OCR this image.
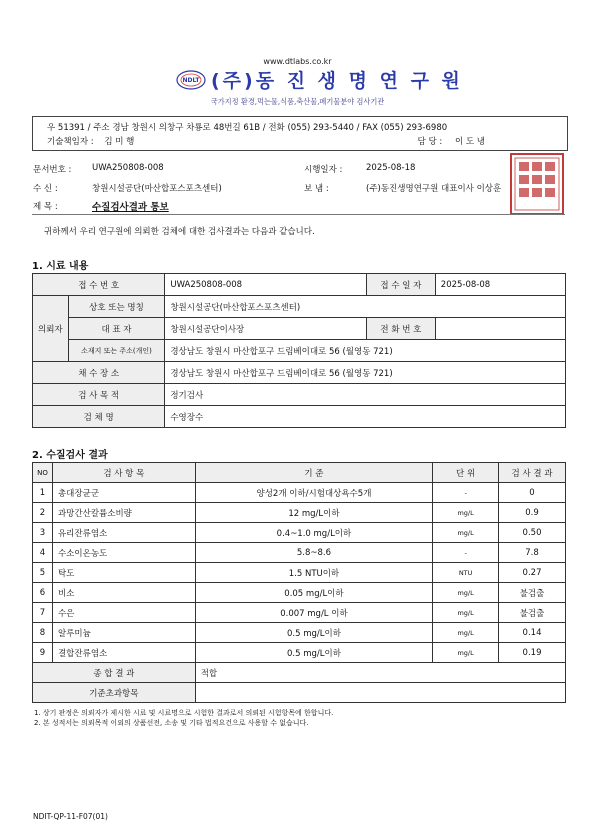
www.dtlabs.co.kr
NDLT (주)동 진 생 명 연 구 원
국가지정 환경,먹는물,식품,축산물,폐기물분야 검사기관
우 51391 / 주소 경남 창원시 의창구 차룡로 48번길 61B / 전화 (055) 293-5440 / FAX (055) 293-6980
기술책임자 : 김 미 행	담 당 : 이 도 냉
문서번호 : UWA250808-008	시행일자 :	2025-08-18
수 신 :	창원시설공단(마산합포스포츠센터)	보 냄 :	(주)동진생명연구원 대표이사 이상훈
제 목 :	수질검사결과 통보
귀하께서 우리 연구원에 의뢰한 검체에 대한 검사결과는 다음과 같습니다.
1. 시료 내용
접 수 번 호		UWA250808-008	접 수 일 자	2025-08-08
의뢰자	상호 또는 명칭	창원시설공단(마산합포스포츠센터)		
	대 표 자	창원시설공단이사장	전 화 번 호	
	소재지 또는 주소(개인)	경상남도 창원시 마산합포구 드림베이대로 56 (월영동 721)		
채 수 장 소		경상남도 창원시 마산합포구 드림베이대로 56 (월영동 721)		
검 사 목 적		정기검사		
검 체 명		수영장수		
2. 수질검사 결과
NO	검 사 항 목	기 준	단 위	검 사 결 과
1	총대장균군	양성2개 이하/시험대상욕수5개	-	0
2	과망간산칼륨소비량	12 mg/L이하	mg/L	0.9
3	유리잔류염소	0.4~1.0 mg/L이하	mg/L	0.50
4	수소이온농도	5.8~8.6	-	7.8
5	탁도	1.5 NTU이하	NTU	0.27
6	비소	0.05 mg/L이하	mg/L	불검출
7	수은	0.007 mg/L 이하	mg/L	불검출
8	알루미늄	0.5 mg/L이하	mg/L	0.14
9	결합잔류염소	0.5 mg/L이하	mg/L	0.19
종 합 결 과		적합		
기준초과항목				
1. 상기 판정은 의뢰자가 제시한 시료 및 시료명으로 시험한 결과로서 의뢰된 시험항목에 한합니다.
2. 본 성적서는 의뢰목적 이외의 상품선전, 소송 및 기타 법적요건으로 사용할 수 없습니다.
NDIT-QP-11-F07(01)
